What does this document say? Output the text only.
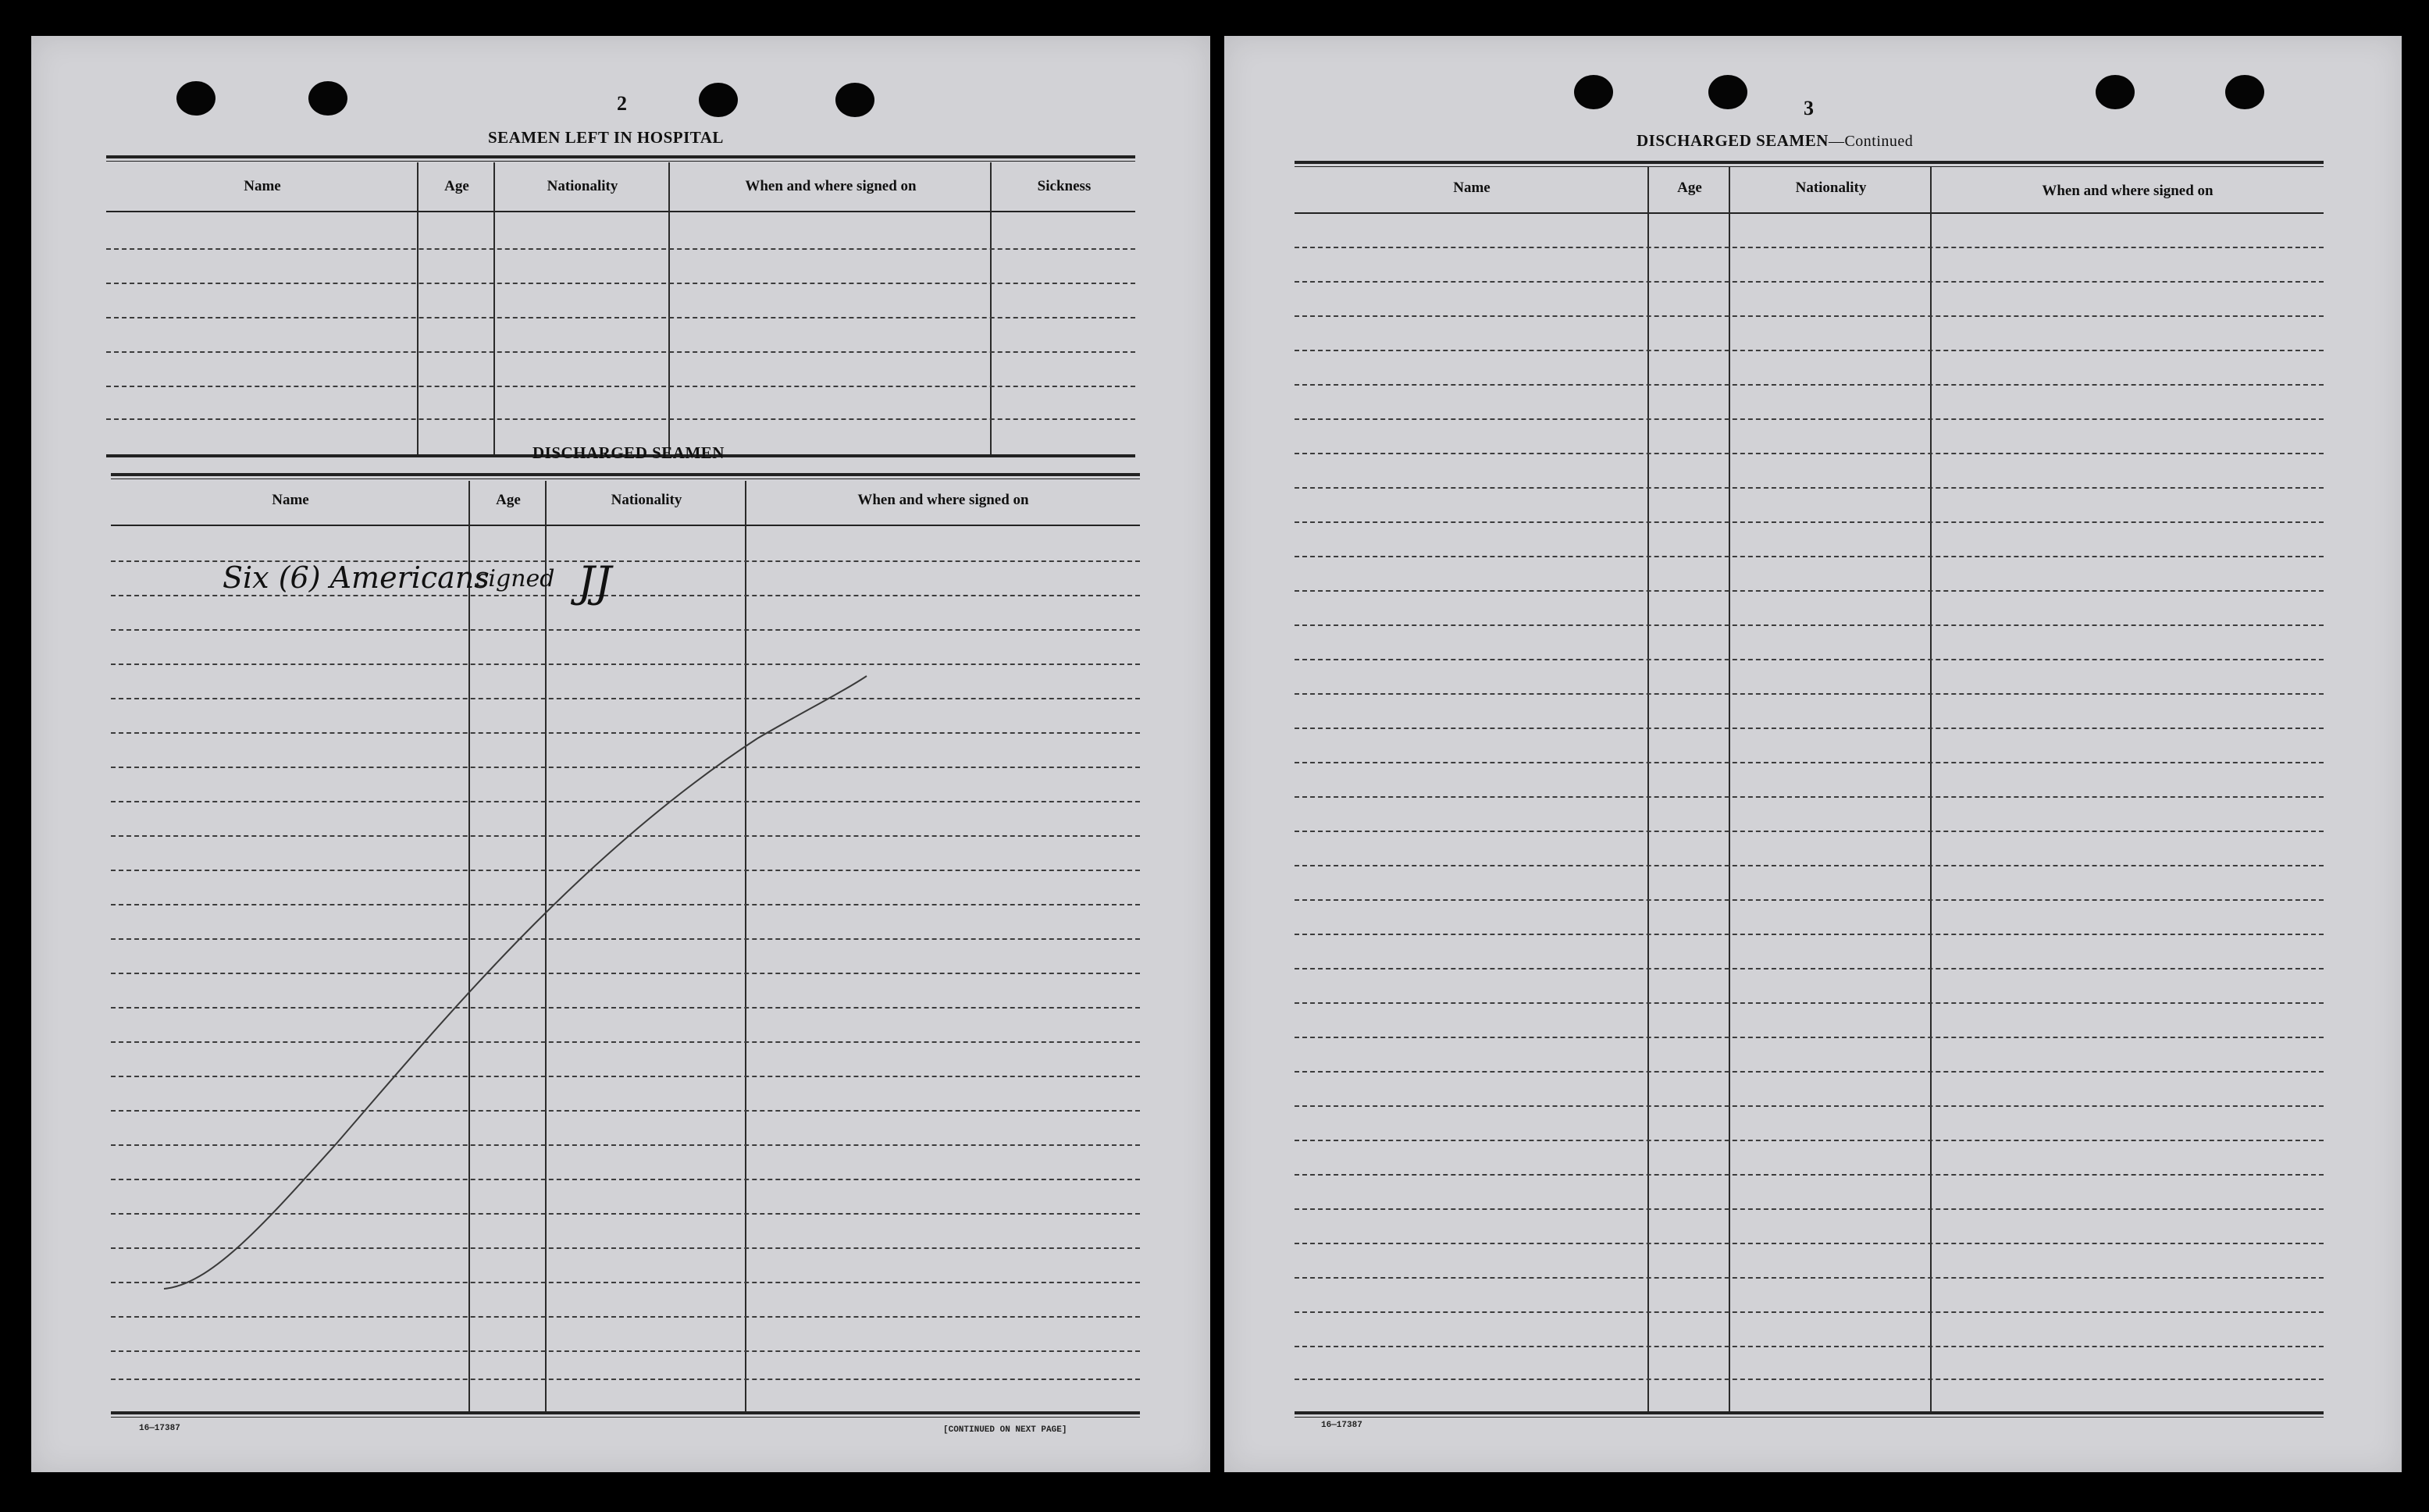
2
SEAMEN LEFT IN HOSPITAL
Name	Age	Nationality	When and where signed on	Sickness
DISCHARGED SEAMEN
Name	Age	Nationality	When and where signed on
Six (6) Americans
signed JJ
16—17387	[CONTINUED ON NEXT PAGE]
3
DISCHARGED SEAMEN—Continued
Name	Age	Nationality	When and where signed on
16—17387
